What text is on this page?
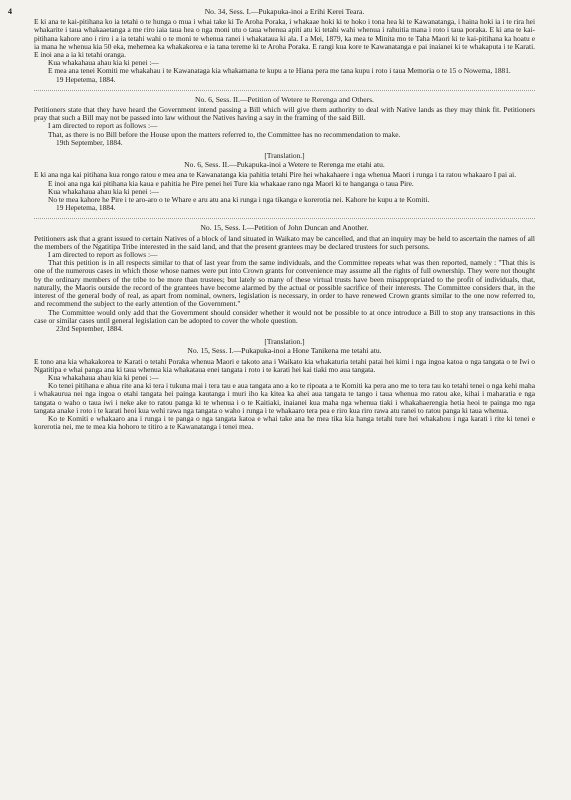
4	No. 34, Sess. I.—Pukapuka-inoi a Erihi Kerei Teara.

E ki ana te kai-pitihana ko ia tetahi o te hunga o mua i whai take ki Te Aroha Poraka, i whakaae hoki ki te hoko i tona hea ki te Kawanatanga, i haina hoki ia i te rira hei whakarite i taua whakaaetanga a me riro iaia taua hea o nga moni utu o taua whenua apiti atu ki tetahi wahi whenua i rahuitia mana i roto i taua poraka. E ki ana te kai-pitihana kahore ano i riro i a ia tetahi wahi o te moni te whenua ranei i whakataua ki ala. I a Mei, 1879, ka mea te Minita mo te Taha Maori ki te kai-pitihana ka hoatu e ia mana he whenua kia 50 eka, mehemea ka whakakorea e ia tana tereme ki te Aroha Poraka. E rangi kua kore te Kawanatanga e pai inaianei ki te whakaputa i te Karati. E inoi ana a ia ki tetahi oranga.

Kua whakahaua ahau kia ki penei :—

E mea ana tenei Komiti me whakahau i te Kawanataga kia whakamana te kupu a te Hiana pera me tana kupu i roto i taua Memoria o te 15 o Nowema, 1881.

19 Hepetema, 1884.

No. 6, Sess. II.—Petition of Wetere te Rerenga and Others.

Petitioners state that they have heard the Government intend passing a Bill which will give them authority to deal with Native lands as they may think fit. Petitioners pray that such a Bill may not be passed into law without the Natives having a say in the framing of the said Bill.

I am directed to report as follows :—

That, as there is no Bill before the House upon the matters referred to, the Committee has no recommendation to make.

19th September, 1884.

[Translation.]
No. 6, Sess. II.—Pukapuka-inoi a Wetere te Rerenga me etahi atu.

E ki ana nga kai pitihana kua rongo ratou e mea ana te Kawanatanga kia pahitia tetahi Pire hei whakahaere i nga whenua Maori i runga i ta ratou whakaaro I pai ai.

E inoi ana nga kai pitihana kia kaua e pahitia he Pire penei hei Ture kia whakaae rano nga Maori ki te hanganga o taua Pire.

Kua whakahaua ahau kia ki penei :—

No te mea kahore he Pire i te aro-aro o te Whare e aru atu ana ki runga i nga tikanga e korerotia nei. Kahore he kupu a te Komiti.

19 Hepetema, 1884.

No. 15, Sess. I.—Petition of John Duncan and Another.

Petitioners ask that a grant issued to certain Natives of a block of land situated in Waikato may be cancelled, and that an inquiry may be held to ascertain the names of all the members of the Ngatitipa Tribe interested in the said land, and that the present grantees may be declared trustees for such persons.

I am directed to report as follows :—

That this petition is in all respects similar to that of last year from the same individuals, and the Committee repeats what was then reported, namely : "That this is one of the numerous cases in which those whose names were put into Crown grants for convenience may assume all the rights of full ownership. They were not thought by the ordinary members of the tribe to be more than trustees; but lately so many of these virtual trusts have been misappropriated to the profit of individuals, that, naturally, the Maoris outside the record of the grantees have become alarmed by the actual or possible sacrifice of their interests. The Committee considers that, in the interest of the general body of real, as apart from nominal, owners, legislation is necessary, in order to have renewed Crown grants similar to the one now referred to, and recommend the subject to the early attention of the Government."

The Committee would only add that the Government should consider whether it would not be possible to at once introduce a Bill to stop any transactions in this case or similar cases until general legislation can be adopted to cover the whole question.

23rd September, 1884.

[Translation.]
No. 15, Sess. I.—Pukapuka-inoi a Hone Tanikena me tetahi atu.

E tono ana kia whakakorea te Karati o tetahi Poraka whenua Maori e takoto ana i Waikato kia whakaturia tetahi patai hei kimi i nga ingoa katoa o nga tangata o te Iwi o Ngatitipa e whai panga ana ki taua whenua kia whakataua enei tangata i roto i te karati hei kai tiaki mo aua tangata.

Kua whakahaua ahau kia ki penei :—

Ko tenei pitihana e ahua rite ana ki tera i tukuna mai i tera tau e aua tangata ano a ko te ripoata a te Komiti ka pera ano me to tera tau ko tetahi tenei o nga kehi maha i whakaurua nei nga ingoa o etahi tangata hei painga kautanga i muri iho ka kitea ka ahei aua tangata te tango i taua whenua mo ratou ake, kihai i maharatia e nga tangata o waho o taua iwi i neke ake to ratou panga ki te whenua i o te Kaitiaki, inaianei kua maha nga whenua tiaki i whakahaerengia hetia heoi te painga mo nga tangata anake i roto i te karati heoi kua wehi rawa nga tangata o waho i runga i te whakaaro tera pea e riro kua riro rawa atu ranei to ratou panga ki taua whenua.

Ko te Komiti e whakaaro ana i runga i te panga o nga tangata katoa e whai take ana he mea tika kia hanga tetahi ture hei whakahou i nga karati i rite ki tenei e korerotia nei, me te mea kia hohoro te titiro a te Kawanatanga i tenei mea.
